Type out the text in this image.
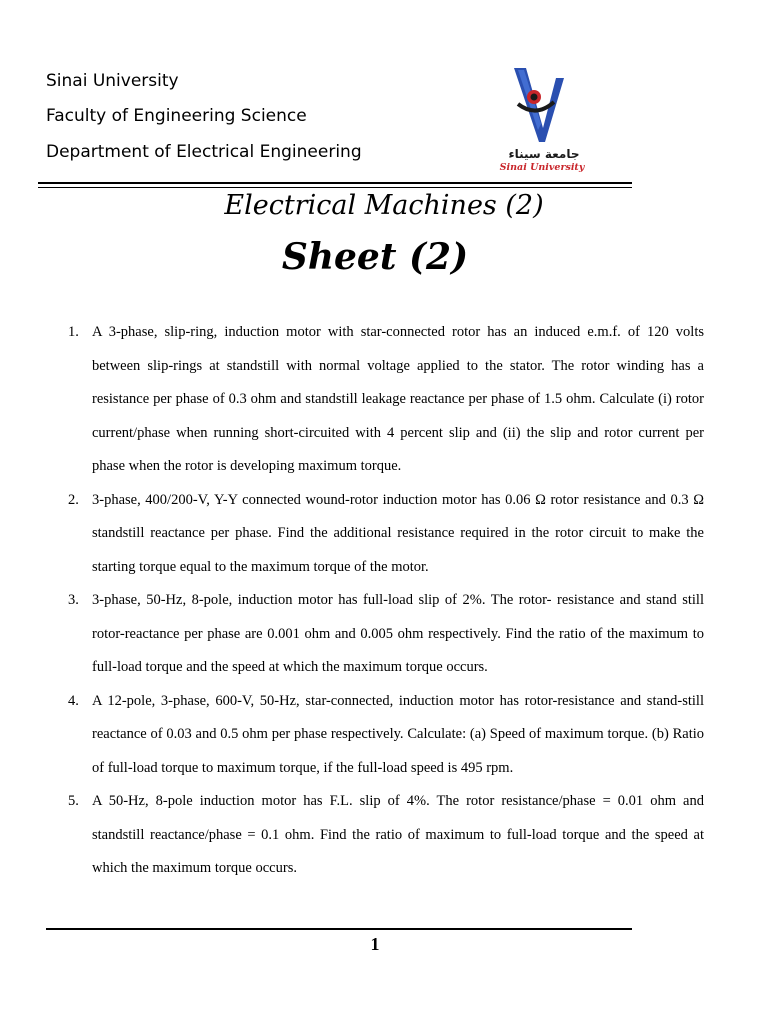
Sinai University
Faculty of Engineering Science
Department of Electrical Engineering	جامعة سيناء
Sinai University
Electrical Machines (2)
Sheet (2)
1. A 3-phase, slip-ring, induction motor with star-connected rotor has an induced e.m.f. of 120 volts between slip-rings at standstill with normal voltage applied to the stator. The rotor winding has a resistance per phase of 0.3 ohm and standstill leakage reactance per phase of 1.5 ohm. Calculate (i) rotor current/phase when running short-circuited with 4 percent slip and (ii) the slip and rotor current per phase when the rotor is developing maximum torque.
2. 3-phase, 400/200-V, Y-Y connected wound-rotor induction motor has 0.06 Ω rotor resistance and 0.3 Ω standstill reactance per phase. Find the additional resistance required in the rotor circuit to make the starting torque equal to the maximum torque of the motor.
3. 3-phase, 50-Hz, 8-pole, induction motor has full-load slip of 2%. The rotor- resistance and stand still rotor-reactance per phase are 0.001 ohm and 0.005 ohm respectively. Find the ratio of the maximum to full-load torque and the speed at which the maximum torque occurs.
4. A 12-pole, 3-phase, 600-V, 50-Hz, star-connected, induction motor has rotor-resistance and stand-still reactance of 0.03 and 0.5 ohm per phase respectively. Calculate: (a) Speed of maximum torque. (b) Ratio of full-load torque to maximum torque, if the full-load speed is 495 rpm.
5. A 50-Hz, 8-pole induction motor has F.L. slip of 4%. The rotor resistance/phase = 0.01 ohm and standstill reactance/phase = 0.1 ohm. Find the ratio of maximum to full-load torque and the speed at which the maximum torque occurs.
1
